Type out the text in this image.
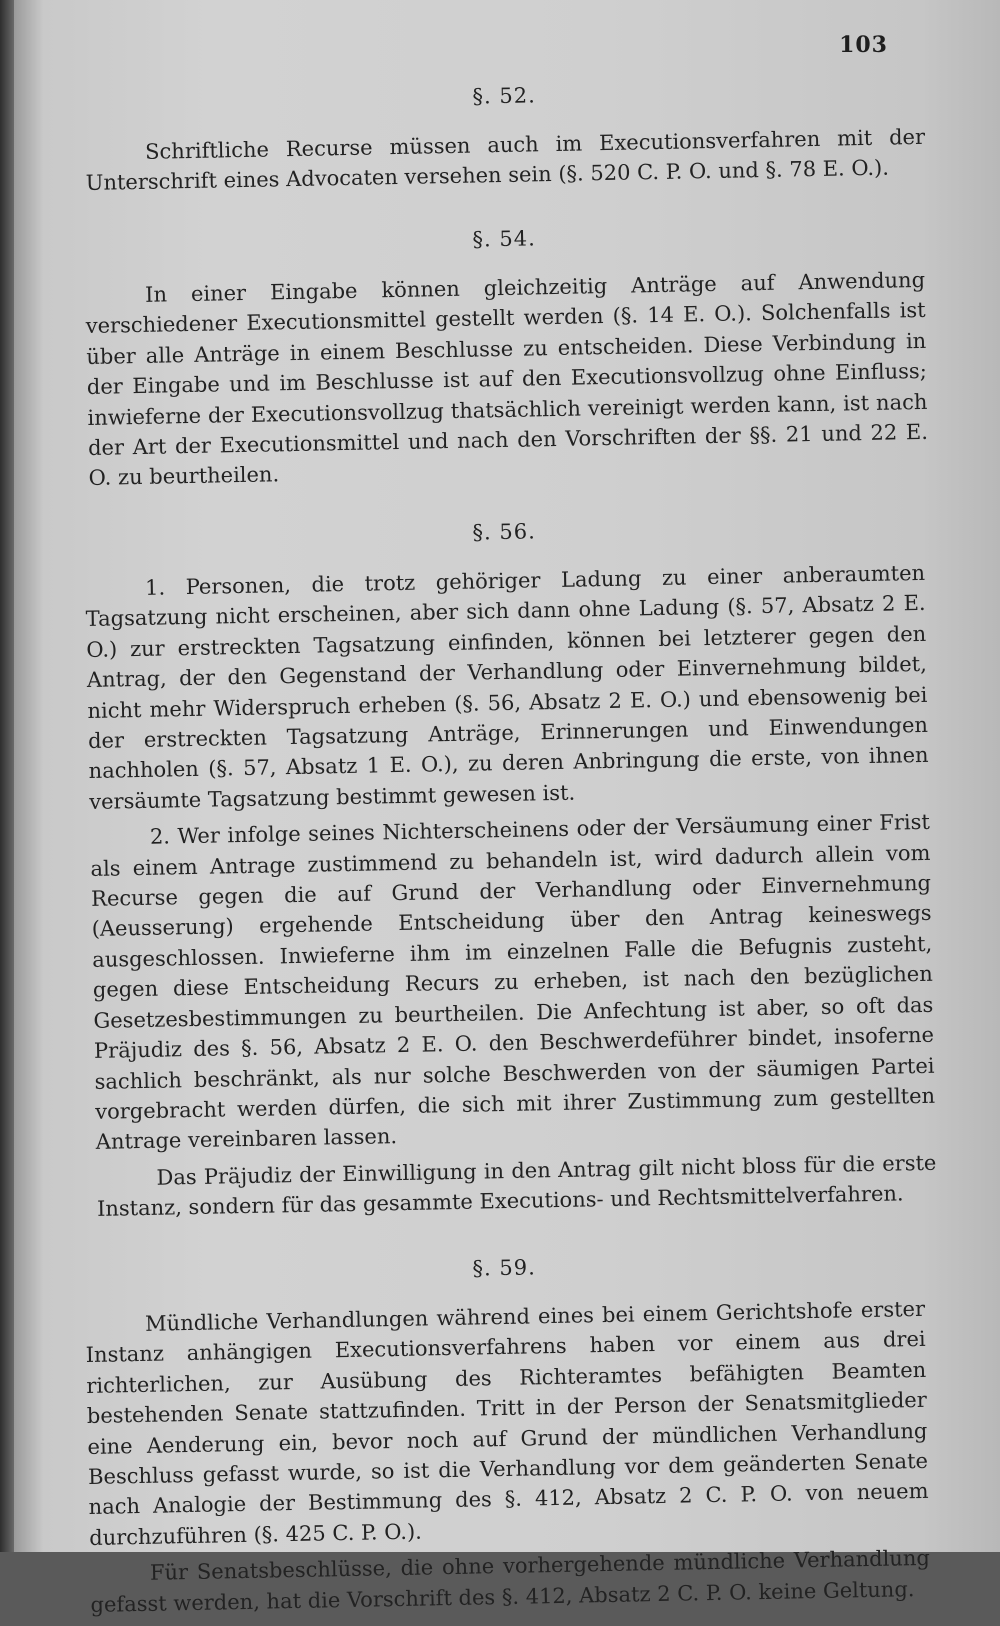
103
§. 52.

Schriftliche Recurse müssen auch im Executionsverfahren mit der Unterschrift eines Advocaten versehen sein (§. 520 C. P. O. und §. 78 E. O.).

§. 54.

In einer Eingabe können gleichzeitig Anträge auf Anwendung verschiedener Executionsmittel gestellt werden (§. 14 E. O.). Solchenfalls ist über alle Anträge in einem Beschlusse zu entscheiden. Diese Verbindung in der Eingabe und im Beschlusse ist auf den Executionsvollzug ohne Einfluss; inwieferne der Executionsvollzug thatsächlich vereinigt werden kann, ist nach der Art der Executionsmittel und nach den Vorschriften der §§. 21 und 22 E. O. zu beurtheilen.

§. 56.

1. Personen, die trotz gehöriger Ladung zu einer anberaumten Tagsatzung nicht erscheinen, aber sich dann ohne Ladung (§. 57, Absatz 2 E. O.) zur erstreckten Tagsatzung einfinden, können bei letzterer gegen den Antrag, der den Gegenstand der Verhandlung oder Einvernehmung bildet, nicht mehr Widerspruch erheben (§. 56, Absatz 2 E. O.) und ebensowenig bei der erstreckten Tagsatzung Anträge, Erinnerungen und Einwendungen nachholen (§. 57, Absatz 1 E. O.), zu deren Anbringung die erste, von ihnen versäumte Tagsatzung bestimmt gewesen ist.

2. Wer infolge seines Nichterscheinens oder der Versäumung einer Frist als einem Antrage zustimmend zu behandeln ist, wird dadurch allein vom Recurse gegen die auf Grund der Verhandlung oder Einvernehmung (Aeusserung) ergehende Entscheidung über den Antrag keineswegs ausgeschlossen. Inwieferne ihm im einzelnen Falle die Befugnis zusteht, gegen diese Entscheidung Recurs zu erheben, ist nach den bezüglichen Gesetzesbestimmungen zu beurtheilen. Die Anfechtung ist aber, so oft das Präjudiz des §. 56, Absatz 2 E. O. den Beschwerdeführer bindet, insoferne sachlich beschränkt, als nur solche Beschwerden von der säumigen Partei vorgebracht werden dürfen, die sich mit ihrer Zustimmung zum gestellten Antrage vereinbaren lassen.

Das Präjudiz der Einwilligung in den Antrag gilt nicht bloss für die erste Instanz, sondern für das gesammte Executions- und Rechtsmittelverfahren.

§. 59.

Mündliche Verhandlungen während eines bei einem Gerichtshofe erster Instanz anhängigen Executionsverfahrens haben vor einem aus drei richterlichen, zur Ausübung des Richteramtes befähigten Beamten bestehenden Senate stattzufinden. Tritt in der Person der Senatsmitglieder eine Aenderung ein, bevor noch auf Grund der mündlichen Verhandlung Beschluss gefasst wurde, so ist die Verhandlung vor dem geänderten Senate nach Analogie der Bestimmung des §. 412, Absatz 2 C. P. O. von neuem durchzuführen (§. 425 C. P. O.).

Für Senatsbeschlüsse, die ohne vorhergehende mündliche Verhandlung gefasst werden, hat die Vorschrift des §. 412, Absatz 2 C. P. O. keine Geltung.
